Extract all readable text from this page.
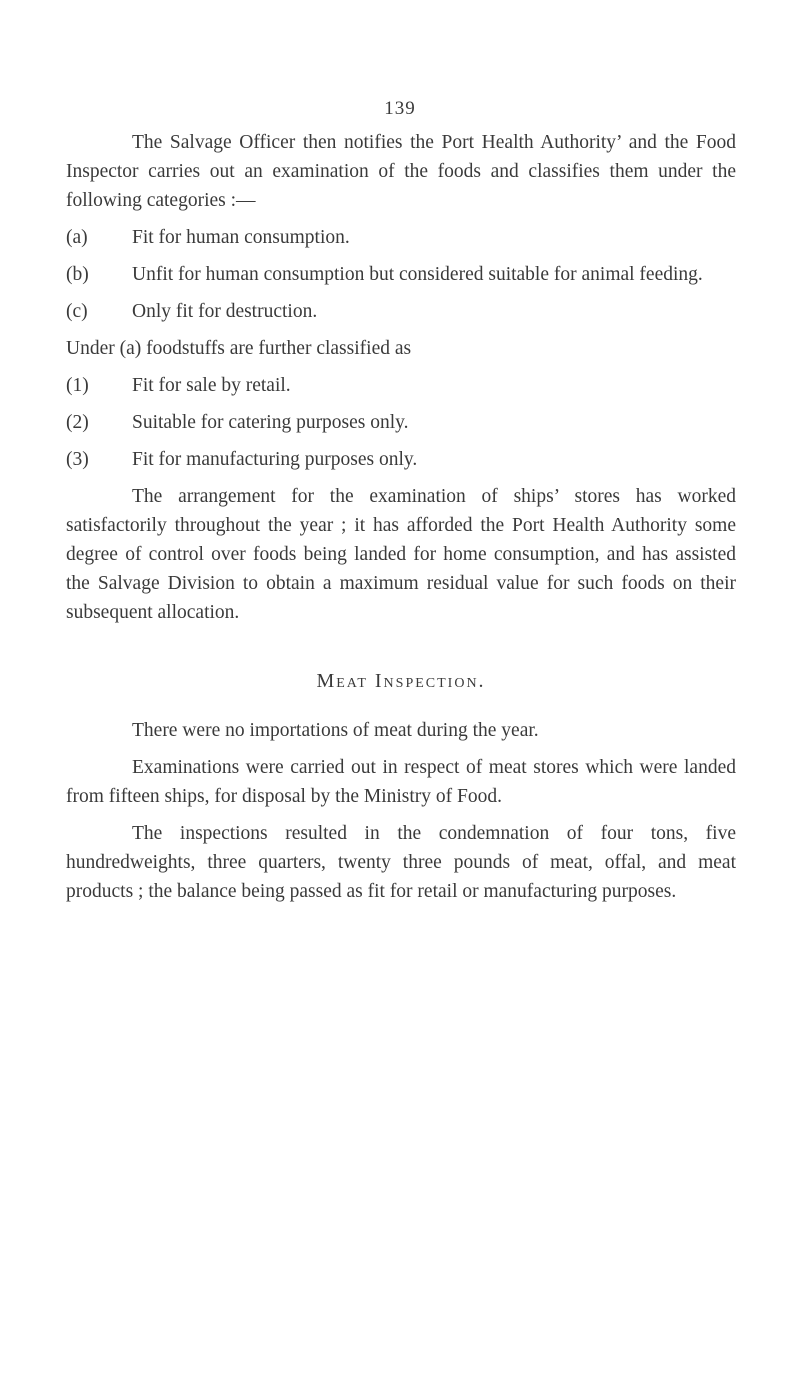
139

The Salvage Officer then notifies the Port Health Authority’ and the Food Inspector carries out an examination of the foods and classifies them under the following categories :—

(a)	Fit for human consumption.
(b)	Unfit for human consumption but considered suitable for animal feeding.
(c)	Only fit for destruction.

Under (a) foodstuffs are further classified as

(1)	Fit for sale by retail.
(2)	Suitable for catering purposes only.
(3)	Fit for manufacturing purposes only.

The arrangement for the examination of ships’ stores has worked satisfactorily throughout the year ; it has afforded the Port Health Authority some degree of control over foods being landed for home consumption, and has assisted the Salvage Division to obtain a maximum residual value for such foods on their subsequent allocation.

Meat Inspection.

There were no importations of meat during the year.

Examinations were carried out in respect of meat stores which were landed from fifteen ships, for disposal by the Ministry of Food.

The inspections resulted in the condemnation of four tons, five hundredweights, three quarters, twenty three pounds of meat, offal, and meat products ; the balance being passed as fit for retail or manufacturing purposes.
